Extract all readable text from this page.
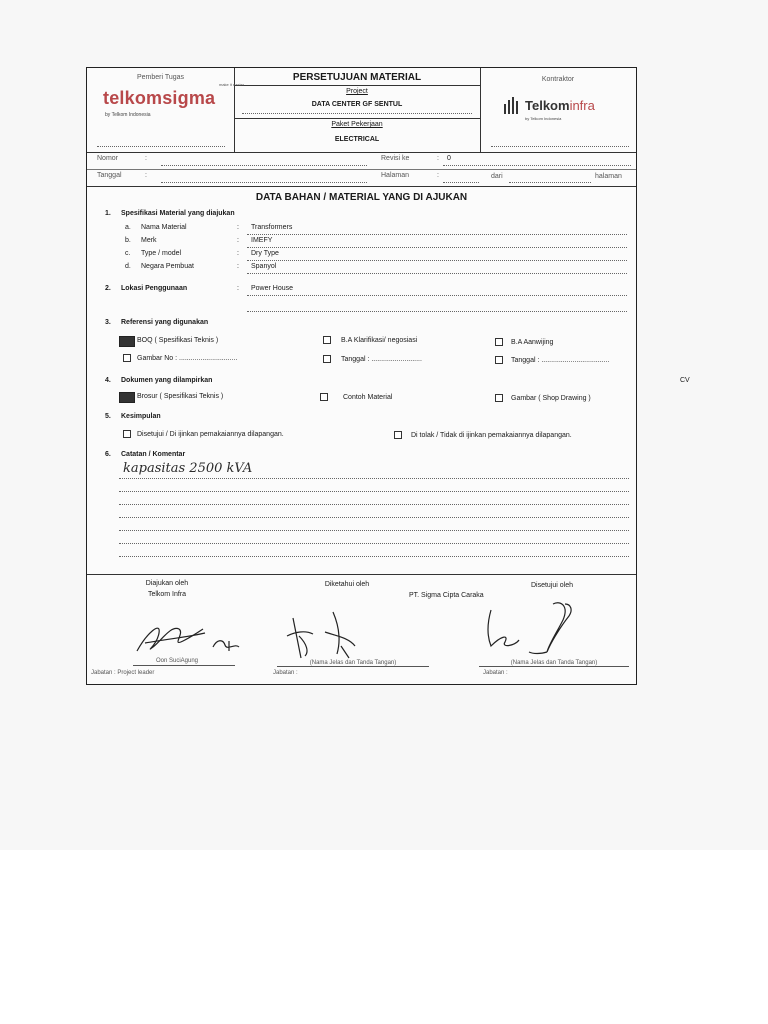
Pemberi Tugas
make it easier
telkomsigma
by Telkom Indonesia
PERSETUJUAN MATERIAL
Project
DATA CENTER GF SENTUL
Paket Pekerjaan
ELECTRICAL
Kontraktor
Telkominfra
by Telkom Indonesia
Nomor	:	Revisi ke	: 0
Tanggal	:	Halaman	:	dari	halaman
DATA BAHAN / MATERIAL YANG DI AJUKAN
1. Spesifikasi Material yang diajukan
a. Nama Material	: Transformers
b. Merk	: IMEFY
c. Type / model	: Dry Type
d. Negara Pembuat	: Spanyol
2. Lokasi Penggunaan	: Power House
3. Referensi yang digunakan
BOQ ( Spesifikasi Teknis )	B.A Klarifikasi/ negosiasi	B.A Aanwijing
Gambar No : ..............................	Tanggal : ..........................	Tanggal : ...................................
4. Dokumen yang dilampirkan
Brosur ( Spesifikasi Teknis )	Contoh Material	Gambar ( Shop Drawing )
5. Kesimpulan
Disetujui / Di ijinkan pemakaiannya dilapangan.	Di tolak / Tidak di ijinkan pemakaiannya dilapangan.
6. Catatan / Komentar
kapasitas 2500 kVA
Diajukan oleh
Telkom Infra
Diketahui oleh
PT. Sigma Cipta Caraka
Disetujui oleh
Oon SuciAgung
Jabatan : Project leader
(Nama Jelas dan Tanda Tangan)
Jabatan :
(Nama Jelas dan Tanda Tangan)
Jabatan :
CV
